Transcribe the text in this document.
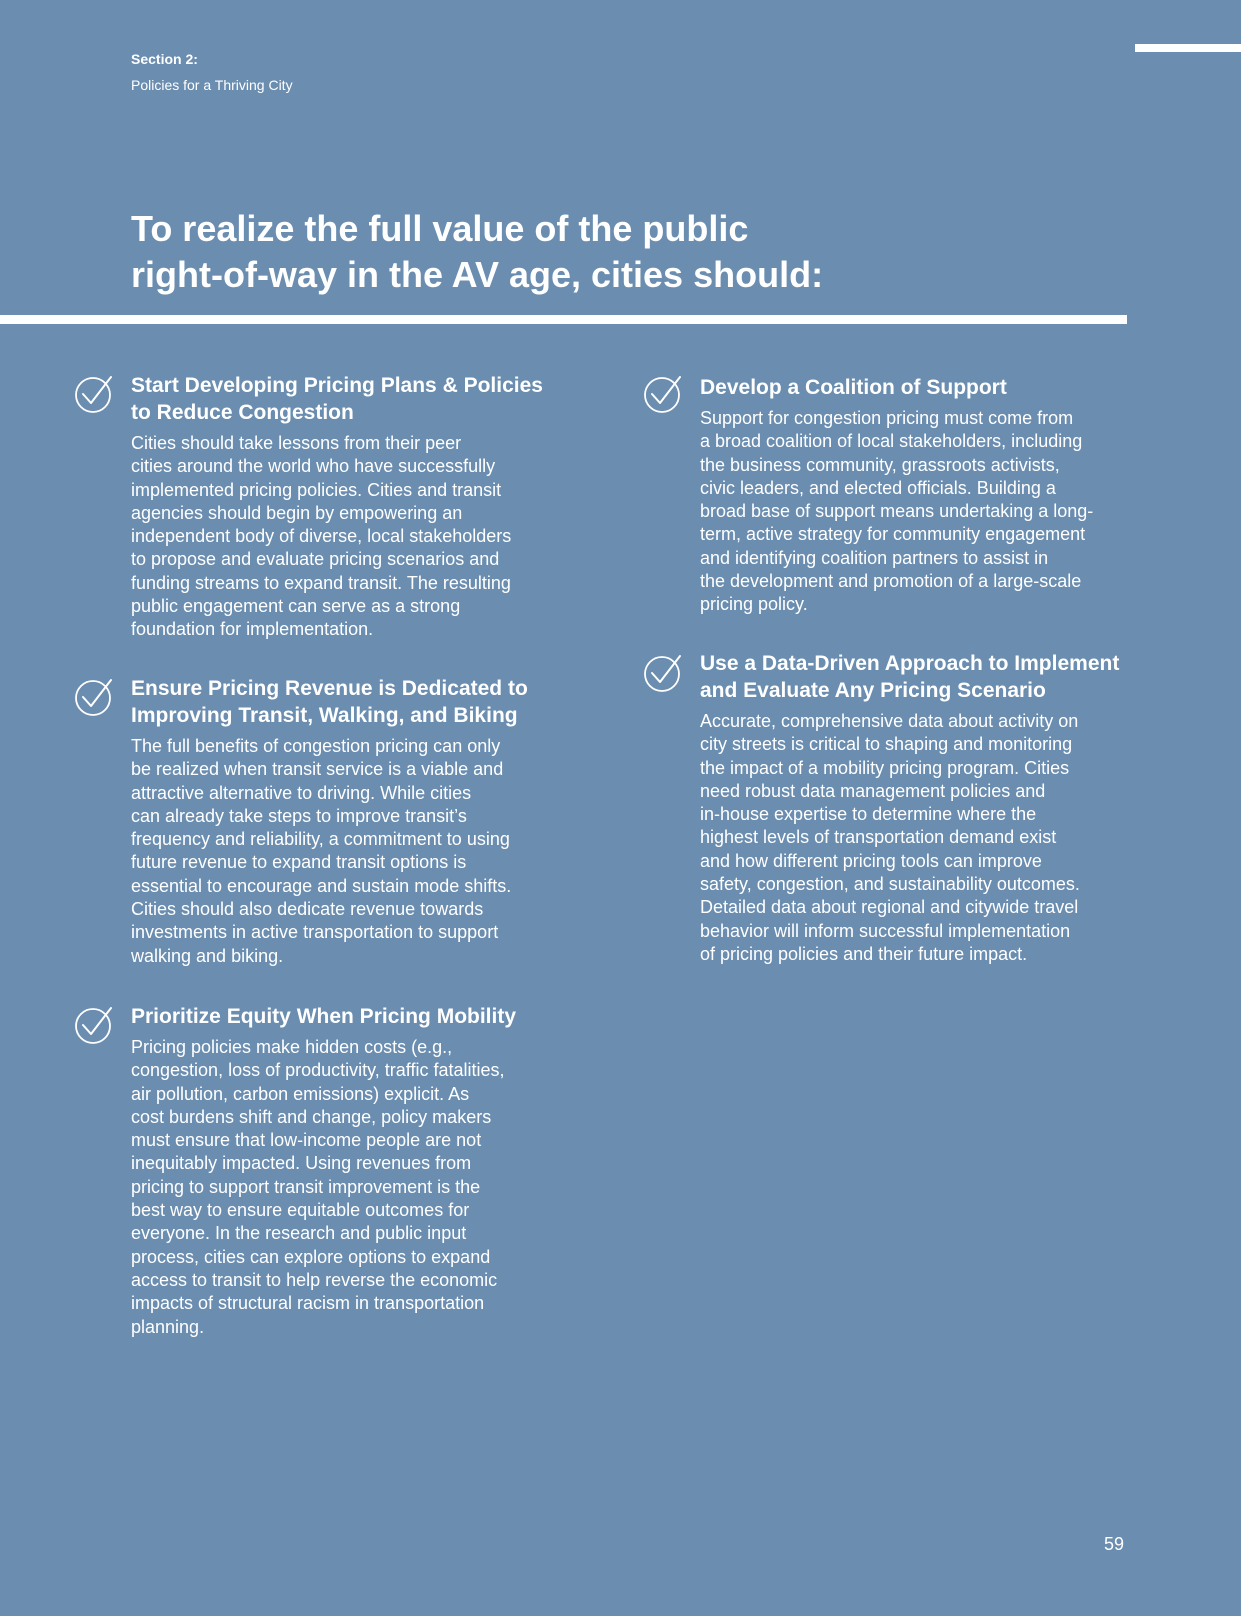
Section 2:
Policies for a Thriving City
To realize the full value of the public
right-of-way in the AV age, cities should:
Start Developing Pricing Plans & Policies
to Reduce Congestion

Cities should take lessons from their peer
cities around the world who have successfully
implemented pricing policies. Cities and transit
agencies should begin by empowering an
independent body of diverse, local stakeholders
to propose and evaluate pricing scenarios and
funding streams to expand transit. The resulting
public engagement can serve as a strong
foundation for implementation.

Ensure Pricing Revenue is Dedicated to
Improving Transit, Walking, and Biking

The full benefits of congestion pricing can only
be realized when transit service is a viable and
attractive alternative to driving. While cities
can already take steps to improve transit’s
frequency and reliability, a commitment to using
future revenue to expand transit options is
essential to encourage and sustain mode shifts.
Cities should also dedicate revenue towards
investments in active transportation to support
walking and biking.

Prioritize Equity When Pricing Mobility

Pricing policies make hidden costs (e.g.,
congestion, loss of productivity, traffic fatalities,
air pollution, carbon emissions) explicit. As
cost burdens shift and change, policy makers
must ensure that low-income people are not
inequitably impacted. Using revenues from
pricing to support transit improvement is the
best way to ensure equitable outcomes for
everyone. In the research and public input
process, cities can explore options to expand
access to transit to help reverse the economic
impacts of structural racism in transportation
planning.

Develop a Coalition of Support

Support for congestion pricing must come from
a broad coalition of local stakeholders, including
the business community, grassroots activists,
civic leaders, and elected officials. Building a
broad base of support means undertaking a long-
term, active strategy for community engagement
and identifying coalition partners to assist in
the development and promotion of a large-scale
pricing policy.

Use a Data-Driven Approach to Implement
and Evaluate Any Pricing Scenario

Accurate, comprehensive data about activity on
city streets is critical to shaping and monitoring
the impact of a mobility pricing program. Cities
need robust data management policies and
in-house expertise to determine where the
highest levels of transportation demand exist
and how different pricing tools can improve
safety, congestion, and sustainability outcomes.
Detailed data about regional and citywide travel
behavior will inform successful implementation
of pricing policies and their future impact.

59
